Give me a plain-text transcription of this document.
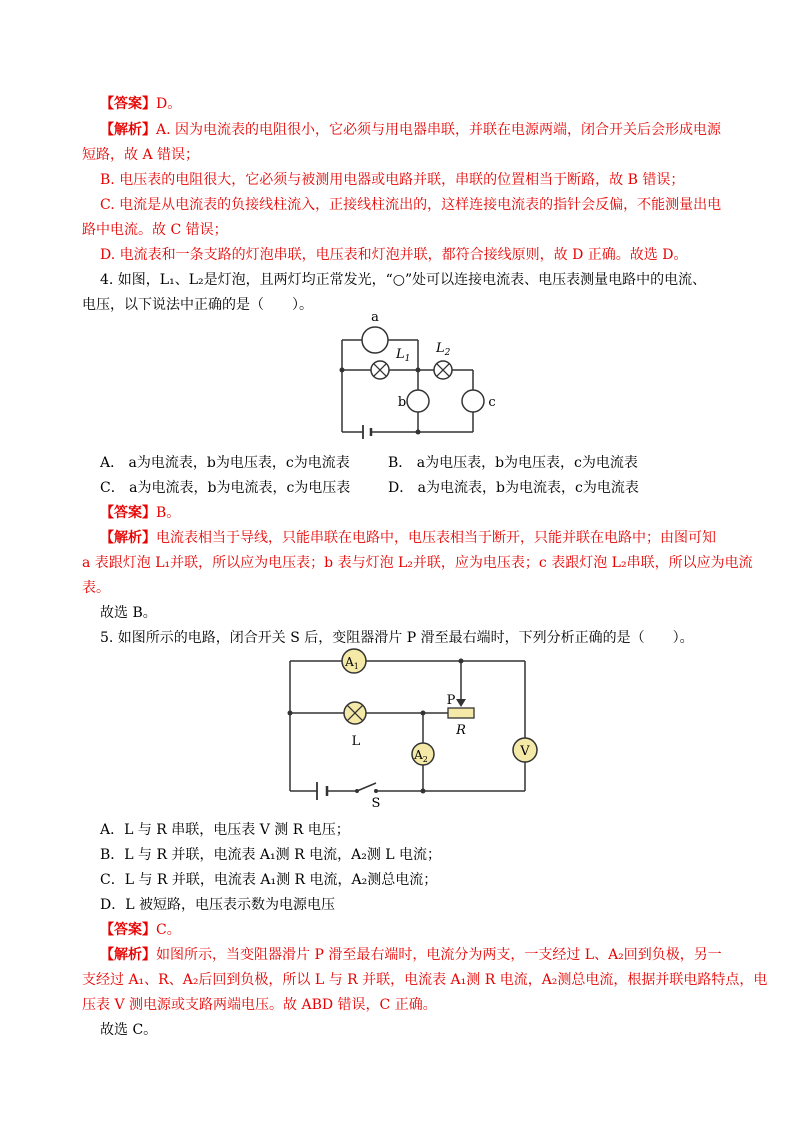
【答案】D。
【解析】A. 因为电流表的电阻很小，它必须与用电器串联，并联在电源两端，闭合开关后会形成电源
短路，故 A 错误；
B. 电压表的电阻很大，它必须与被测用电器或电路并联，串联的位置相当于断路，故 B 错误；
C. 电流是从电流表的负接线柱流入，正接线柱流出的，这样连接电流表的指针会反偏，不能测量出电
路中电流。故 C 错误；
D. 电流表和一条支路的灯泡串联，电压表和灯泡并联，都符合接线原则，故 D 正确。故选 D。
4. 如图，L₁、L₂是灯泡，且两灯均正常发光，“○”处可以连接电流表、电压表测量电路中的电流、
电压，以下说法中正确的是（　　）。
a
$L_1$
$L_2$
b	c
A． a为电流表，b为电压表，c为电流表	B． a为电压表，b为电压表，c为电流表
C． a为电流表，b为电流表，c为电压表	D． a为电流表，b为电流表，c为电流表
【答案】B。
【解析】电流表相当于导线，只能串联在电路中，电压表相当于断开，只能并联在电路中；由图可知
a 表跟灯泡 L₁并联，所以应为电压表；b 表与灯泡 L₂并联，应为电压表；c 表跟灯泡 L₂串联，所以应为电流
表。
故选 B。
5. 如图所示的电路，闭合开关 S 后，变阻器滑片 P 滑至最右端时，下列分析正确的是（　　）。
P
R
$A_1$
L
$A_2$
V
S
A．L 与 R 串联，电压表 V 测 R 电压；
B．L 与 R 并联，电流表 A₁测 R 电流，A₂测 L 电流；
C．L 与 R 并联，电流表 A₁测 R 电流，A₂测总电流；
D．L 被短路，电压表示数为电源电压
【答案】C。
【解析】如图所示，当变阻器滑片 P 滑至最右端时，电流分为两支，一支经过 L、A₂回到负极，另一
支经过 A₁、R、A₂后回到负极，所以 L 与 R 并联，电流表 A₁测 R 电流，A₂测总电流，根据并联电路特点，电
压表 V 测电源或支路两端电压。故 ABD 错误，C 正确。
故选 C。
